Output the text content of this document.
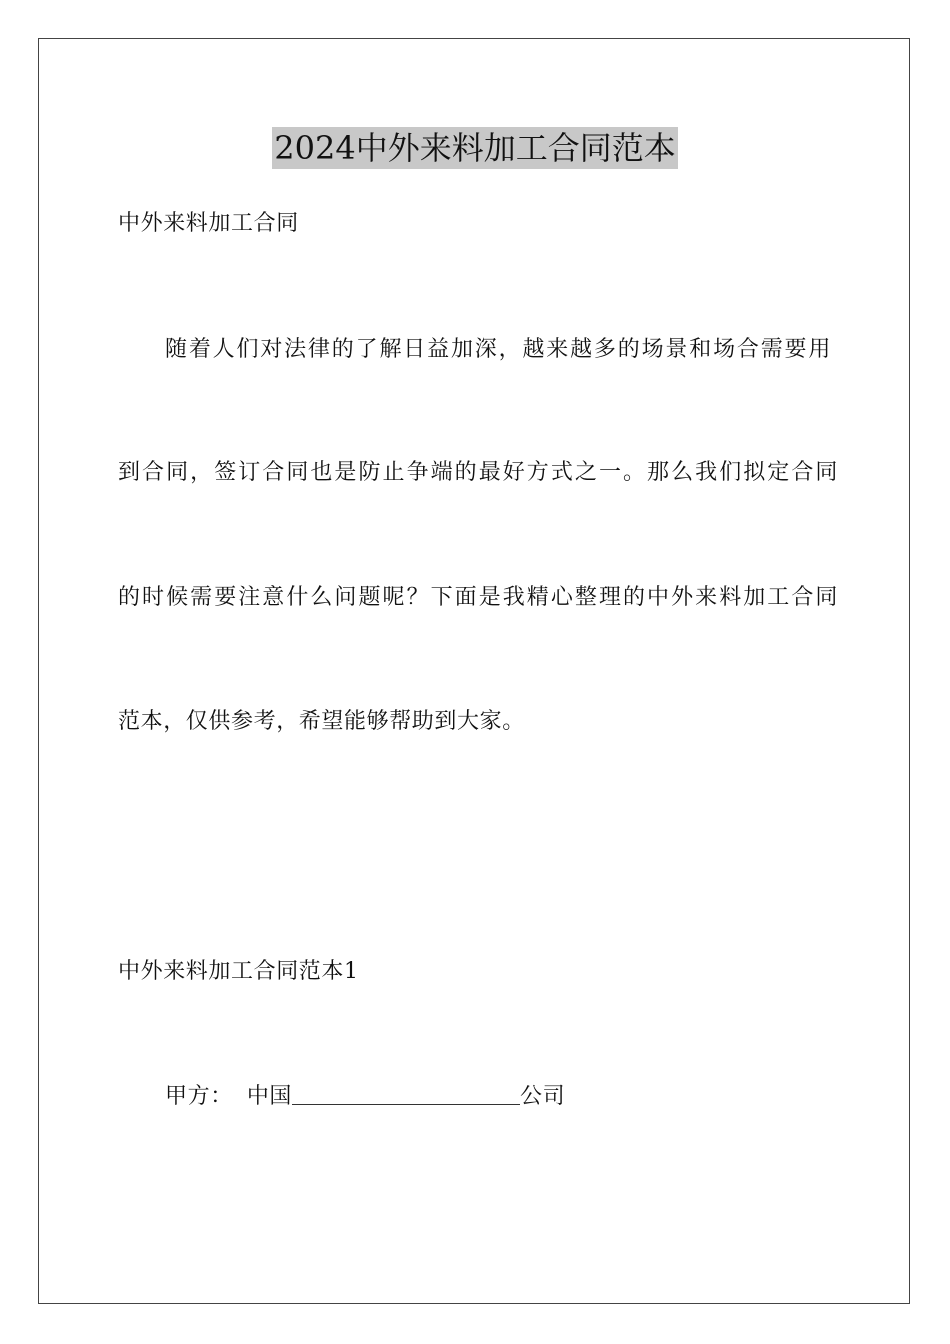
2024中外来料加工合同范本
中外来料加工合同
随着人们对法律的了解日益加深，越来越多的场景和场合需要用
到合同，签订合同也是防止争端的最好方式之一。那么我们拟定合同
的时候需要注意什么问题呢？下面是我精心整理的中外来料加工合同
范本，仅供参考，希望能够帮助到大家。
中外来料加工合同范本1
甲方： 中国	公司
